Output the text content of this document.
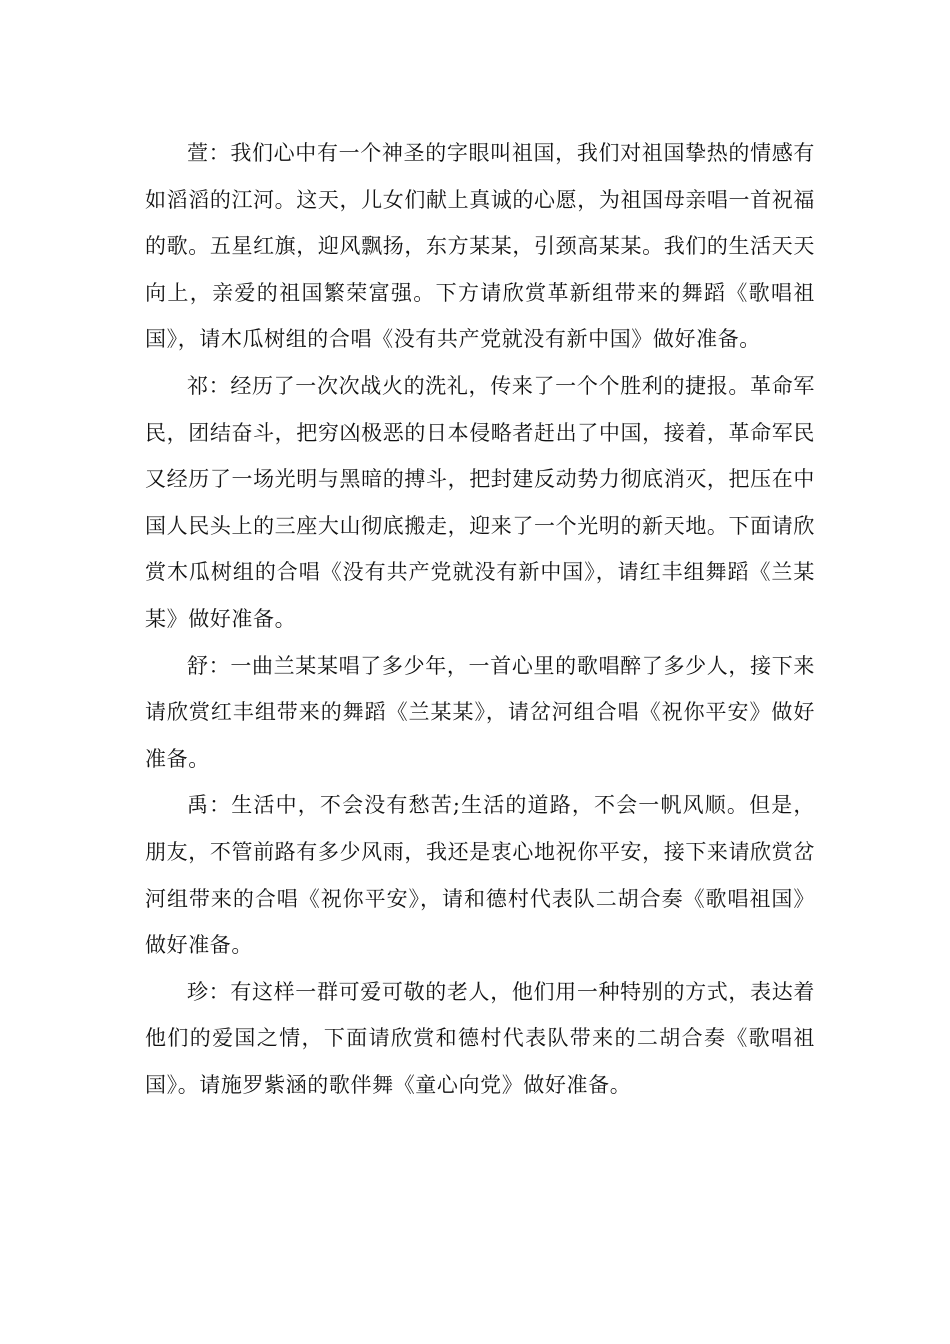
萱：我们心中有一个神圣的字眼叫祖国，我们对祖国挚热的情感有如滔滔的江河。这天，儿女们献上真诚的心愿，为祖国母亲唱一首祝福的歌。五星红旗，迎风飘扬，东方某某，引颈高某某。我们的生活天天向上，亲爱的祖国繁荣富强。下方请欣赏革新组带来的舞蹈《歌唱祖国》，请木瓜树组的合唱《没有共产党就没有新中国》做好准备。

祁：经历了一次次战火的洗礼，传来了一个个胜利的捷报。革命军民，团结奋斗，把穷凶极恶的日本侵略者赶出了中国，接着，革命军民又经历了一场光明与黑暗的搏斗，把封建反动势力彻底消灭，把压在中国人民头上的三座大山彻底搬走，迎来了一个光明的新天地。下面请欣赏木瓜树组的合唱《没有共产党就没有新中国》，请红丰组舞蹈《兰某某》做好准备。

舒：一曲兰某某唱了多少年，一首心里的歌唱醉了多少人，接下来请欣赏红丰组带来的舞蹈《兰某某》，请岔河组合唱《祝你平安》做好准备。

禹：生活中，不会没有愁苦;生活的道路，不会一帆风顺。但是，朋友，不管前路有多少风雨，我还是衷心地祝你平安，接下来请欣赏岔河组带来的合唱《祝你平安》，请和德村代表队二胡合奏《歌唱祖国》做好准备。

珍：有这样一群可爱可敬的老人，他们用一种特别的方式，表达着他们的爱国之情，下面请欣赏和德村代表队带来的二胡合奏《歌唱祖国》。请施罗紫涵的歌伴舞《童心向党》做好准备。
